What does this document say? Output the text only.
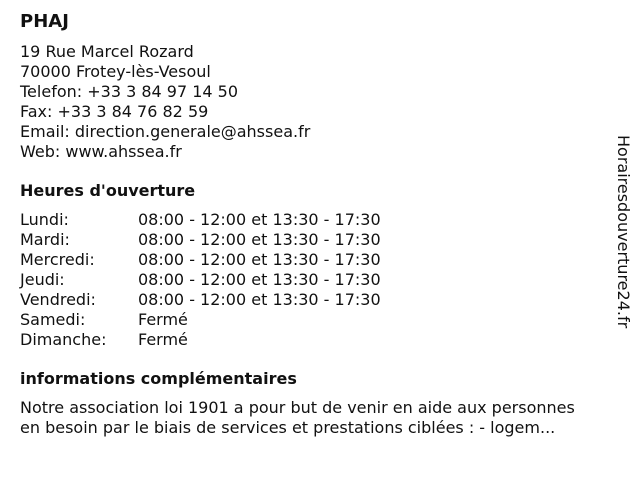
PHAJ
19 Rue Marcel Rozard
70000 Frotey-lès-Vesoul
Telefon: +33 3 84 97 14 50
Fax: +33 3 84 76 82 59
Email: direction.generale@ahssea.fr
Web: www.ahssea.fr
Heures d'ouverture
Lundi:	08:00 - 12:00 et 13:30 - 17:30
Mardi:	08:00 - 12:00 et 13:30 - 17:30
Mercredi:	08:00 - 12:00 et 13:30 - 17:30
Jeudi:	08:00 - 12:00 et 13:30 - 17:30
Vendredi:	08:00 - 12:00 et 13:30 - 17:30
Samedi:	Fermé
Dimanche:	Fermé
informations complémentaires
Notre association loi 1901 a pour but de venir en aide aux personnes
en besoin par le biais de services et prestations ciblées : - logem...
Horairesdouverture24.fr
